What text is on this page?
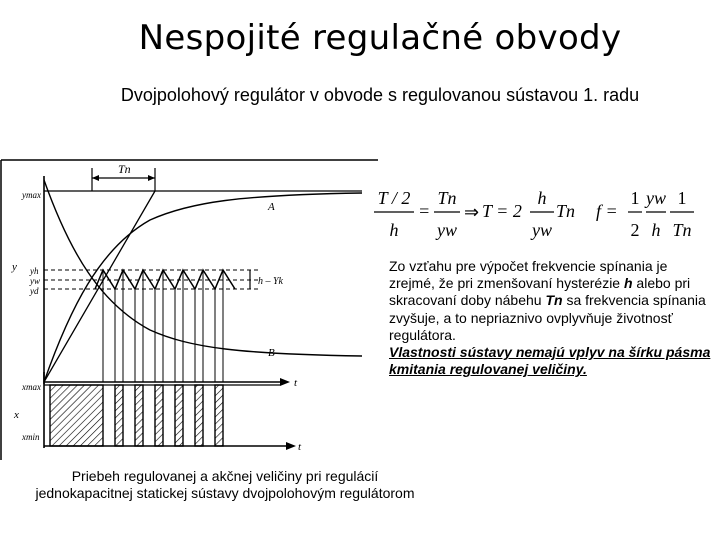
Nespojité regulačné obvody
Dvojpolohový regulátor v obvode s regulovanou sústavou 1. radu
Tn
A
B
ymax
yh
yw
yd
y
h – Yk
t
xmax
x
xmin
t
Priebeh regulovanej a akčnej veličiny pri regulácií
jednokapacitnej statickej sústavy dvojpolohovým regulátorom
T / 2
h
=
Tn
yw
⇒ T = 2
h
yw
Tn f =
1
2
yw
h
1
Tn
Zo vzťahu pre výpočet frekvencie spínania je zrejmé, že pri zmenšovaní hysterézie h alebo pri skracovaní doby nábehu Tn sa frekvencia spínania zvyšuje, a to nepriaznivo ovplyvňuje životnosť regulátora.
Vlastnosti sústavy nemajú vplyv na šírku pásma kmitania regulovanej veličiny.
